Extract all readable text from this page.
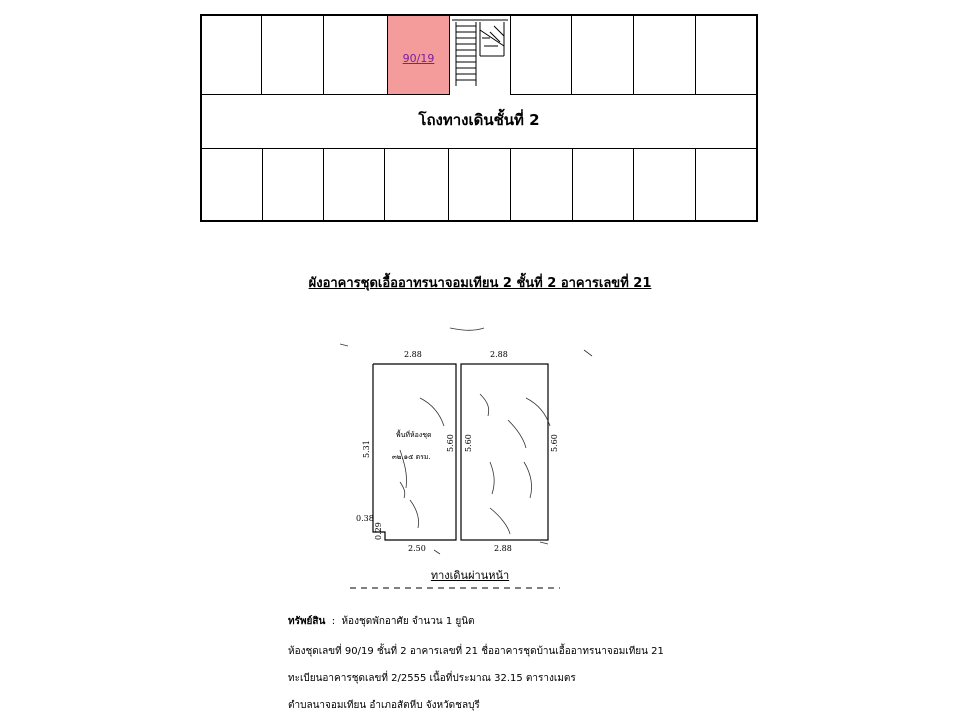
90/19
โถงทางเดินชั้นที่ 2
ผังอาคารชุดเอื้ออาทรนาจอมเทียน 2 ชั้นที่ 2 อาคารเลขที่ 21
2.88	2.88
5.31	5.60 5.60	5.60
2.50	2.88
0.38
0.29
พื้นที่ห้องชุด
๓๒.๑๕ ตรม.
ทางเดินผ่านหน้า
ทรัพย์สิน  :  ห้องชุดพักอาศัย จำนวน 1 ยูนิต
ห้องชุดเลขที่ 90/19 ชั้นที่ 2 อาคารเลขที่ 21 ชื่ออาคารชุดบ้านเอื้ออาทรนาจอมเทียน 21
ทะเบียนอาคารชุดเลขที่ 2/2555 เนื้อที่ประมาณ 32.15 ตารางเมตร
ตำบลนาจอมเทียน อำเภอสัตหีบ จังหวัดชลบุรี
